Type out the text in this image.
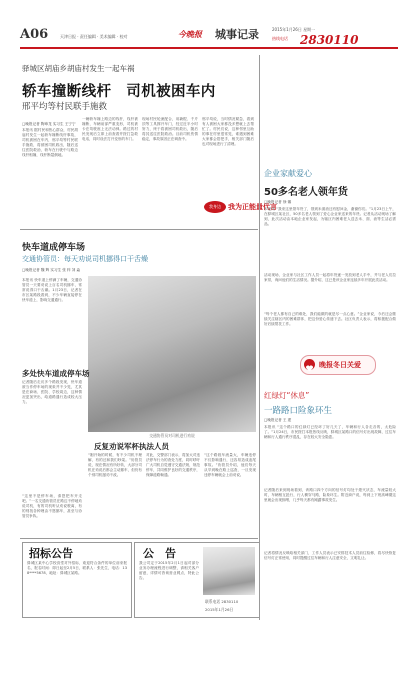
A06	天津日报 · 责任编辑 · 美术编辑 · 校对	今晚报 城事记录	2015年1月26日 星期一
热线电话 2830110
驿城区胡庙乡胡庙村发生一起车祸
轿车撞断线杆　司机被困车内
邢平均等村民联手施救
□晚报记者 陶章龙 实习生 王宁宁
本报讯 据村民和热心群众，村民胡庙村发生一起轿车撞断线杆事故，司机被困在车内，邢平均等村民联手施救，将被困司机救出，随后送往医院救治，轿车在行驶中与路边线杆相撞，线杆断裂倒地。
一辆轿车撞上路边的线杆，线杆被撞断，车辆前部严重变形，司机被卡在驾驶座上无法动弹。路过的村民发现后立即上前查看并拨打急救电话，同时设法打开变形的车门。
现场村民轮流配合，用撬棍、千斤顶等工具撑开车门，经过近半小时努力，终于将被困司机救出，随后将其送往医院救治。目前司机伤情稳定，事故原因正在调查中。
邢平均说，当时情况紧急，看到有人被困大家都没多想就上去帮忙了。村民们说，这种邻里互助的事在村里很常见，谁遇到困难大家都会搭把手，相关部门随后也对现场进行了清理。
我身边	我为正能量代言
企业家献爱心
50多名老人领年货
□晚报记者 徐 娜
本报讯 “我来这里领年货了，领到米面油还有慰问金，谢谢你们。”1月23日上午，在驿城区某社区，50多名老人领到了爱心企业家送来的年货。记者从活动现场了解到，此次活动由本地企业家发起，为辖区内困难老人送去米、面、油等生活必需品。
活动现场，企业家与社区工作人员一起将年货逐一发放到老人手中，并与老人们拉家常，询问他们的生活情况。据介绍，这已是该企业家连续多年开展此类活动。
“每个老人都有自己的难处，我们能做的就是尽一点心意。”企业家说，今后还会继续关注辖区内的困难群体，把这份爱心传递下去。社区负责人表示，将积极配合做好后续帮扶工作。
晚报冬日关爱
红绿灯“休息”
一路路口险象环生
□晚报记者 王 建
本报讯 “这个路口的红绿灯已经坏了好几天了，车辆和行人各走各的，太危险了。”1月24日，市民拨打本报热线反映，驿城区某路口的信号灯出现故障，过往车辆和行人通行秩序混乱，存在较大安全隐患。
记者随后来到现场看到，该路口四个方向的信号灯均处于熄灭状态，车流量较大时，车辆相互抢行，行人横穿马路，险象环生。附近商户说，每到上下班高峰期这里就会出现拥堵，几乎每天都有剐蹭事故发生。
记者将情况反映给相关部门，工作人员表示已安排技术人员前往检修，将尽快恢复信号灯正常使用，同时提醒过往车辆和行人注意安全，文明礼让。
快车道成停车场
交通协管员：每天劝说司机挪得口干舌燥
□晚报记者 魏 辉 实习生 张 梓 刘 淼
本报讯 快车道上停满了车辆，交通协管员一天要劝说上百名司机挪车，常常说得口干舌燥。1月23日，记者在市区某路段看到，不少车辆直接停在快车道上，影响交通通行。
交通协管员对司机进行劝说
多处快车道成停车场
记者随后走访多个路段发现，快车道被当作停车场的现象并不少见，尤其是在商场、医院、学校周边，这种情况更加突出，给道路通行造成较大压力。
反复劝说军杯执法人员
“刚开始的时候，有不少司机不理解，有的还和我们吵架。”协管员说，现在情况有所好转，大部分司机在劝说后都会主动挪车，但仍有个别司机屡劝不改。
对此，交警部门表示，将加大对违法停车行为的查处力度，同时呼吁广大司机自觉遵守交通法规，规范停车，共同维护良好的交通秩序，保障道路畅通。
“这个路段车流量大，车辆违停不仅影响通行，还容易造成追尾事故。”协管员介绍，他们每天从早到晚在路上巡查，一旦发现违停车辆就会上前劝说。
“这里不是停车场，请您把车开走吧。”一名交通协管员在路边不停地劝说司机，有的司机听从劝说驶离，有的则找各种理由不愿挪车，甚至与协管员争执。
招标公告
驿城区某中心学校食堂对外招标，欢迎符合条件的单位前来报名，报名时间：即日起至2月5日，联系人：张先生，电话：138****5678，地址：驿城区某路。
公　告
我公司定于2015年2月1日起对部分业务办理流程进行调整，请相关客户留意，详情可咨询营业网点，特此公告。
联系电话 2830110
2015年1月26日
